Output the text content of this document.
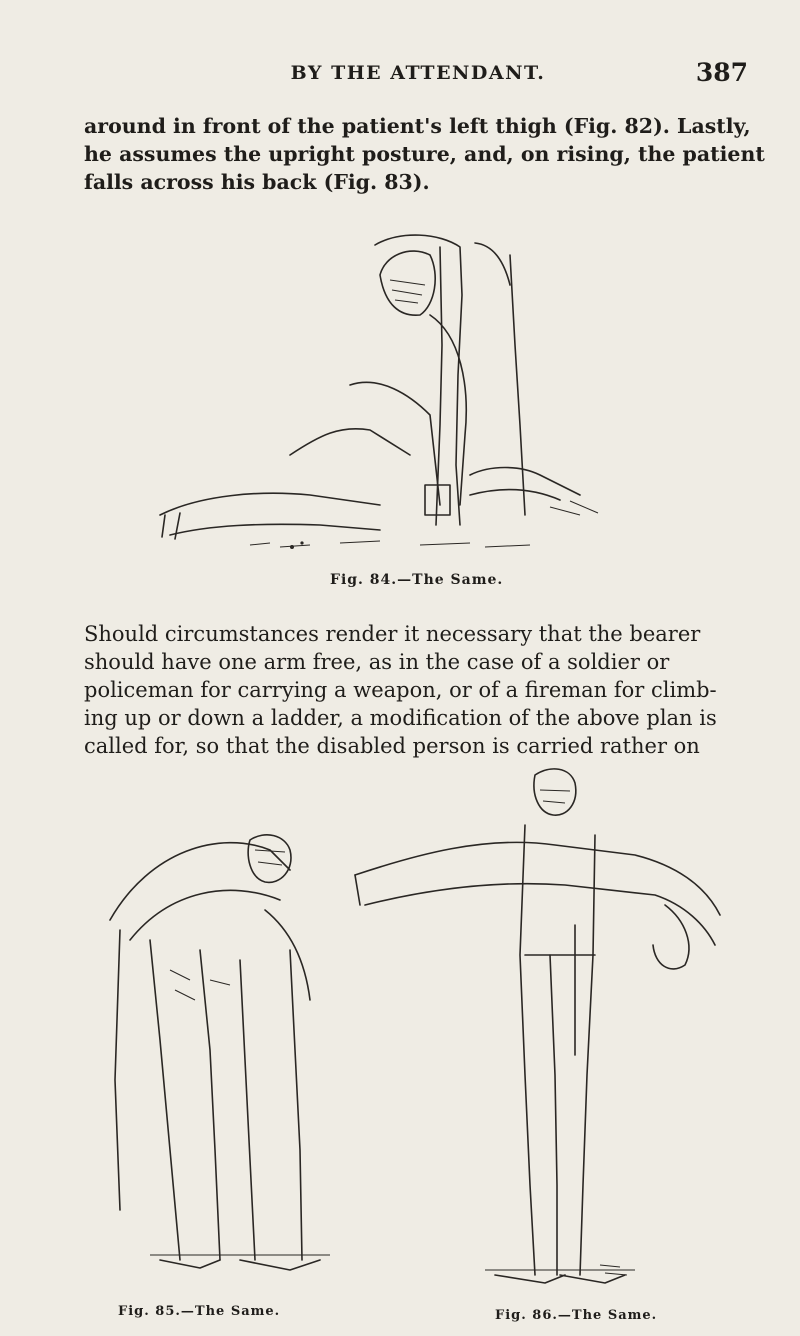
BY THE ATTENDANT.	387

around in front of the patient's left thigh (Fig. 82). Lastly,
he assumes the upright posture, and, on rising, the patient
falls across his back (Fig. 83).

Fig. 84.—The Same.

Should circumstances render it necessary that the bearer
should have one arm free, as in the case of a soldier or
policeman for carrying a weapon, or of a fireman for climb-
ing up or down a ladder, a modification of the above plan is
called for, so that the disabled person is carried rather on

Fig. 85.—The Same.	Fig. 86.—The Same.
